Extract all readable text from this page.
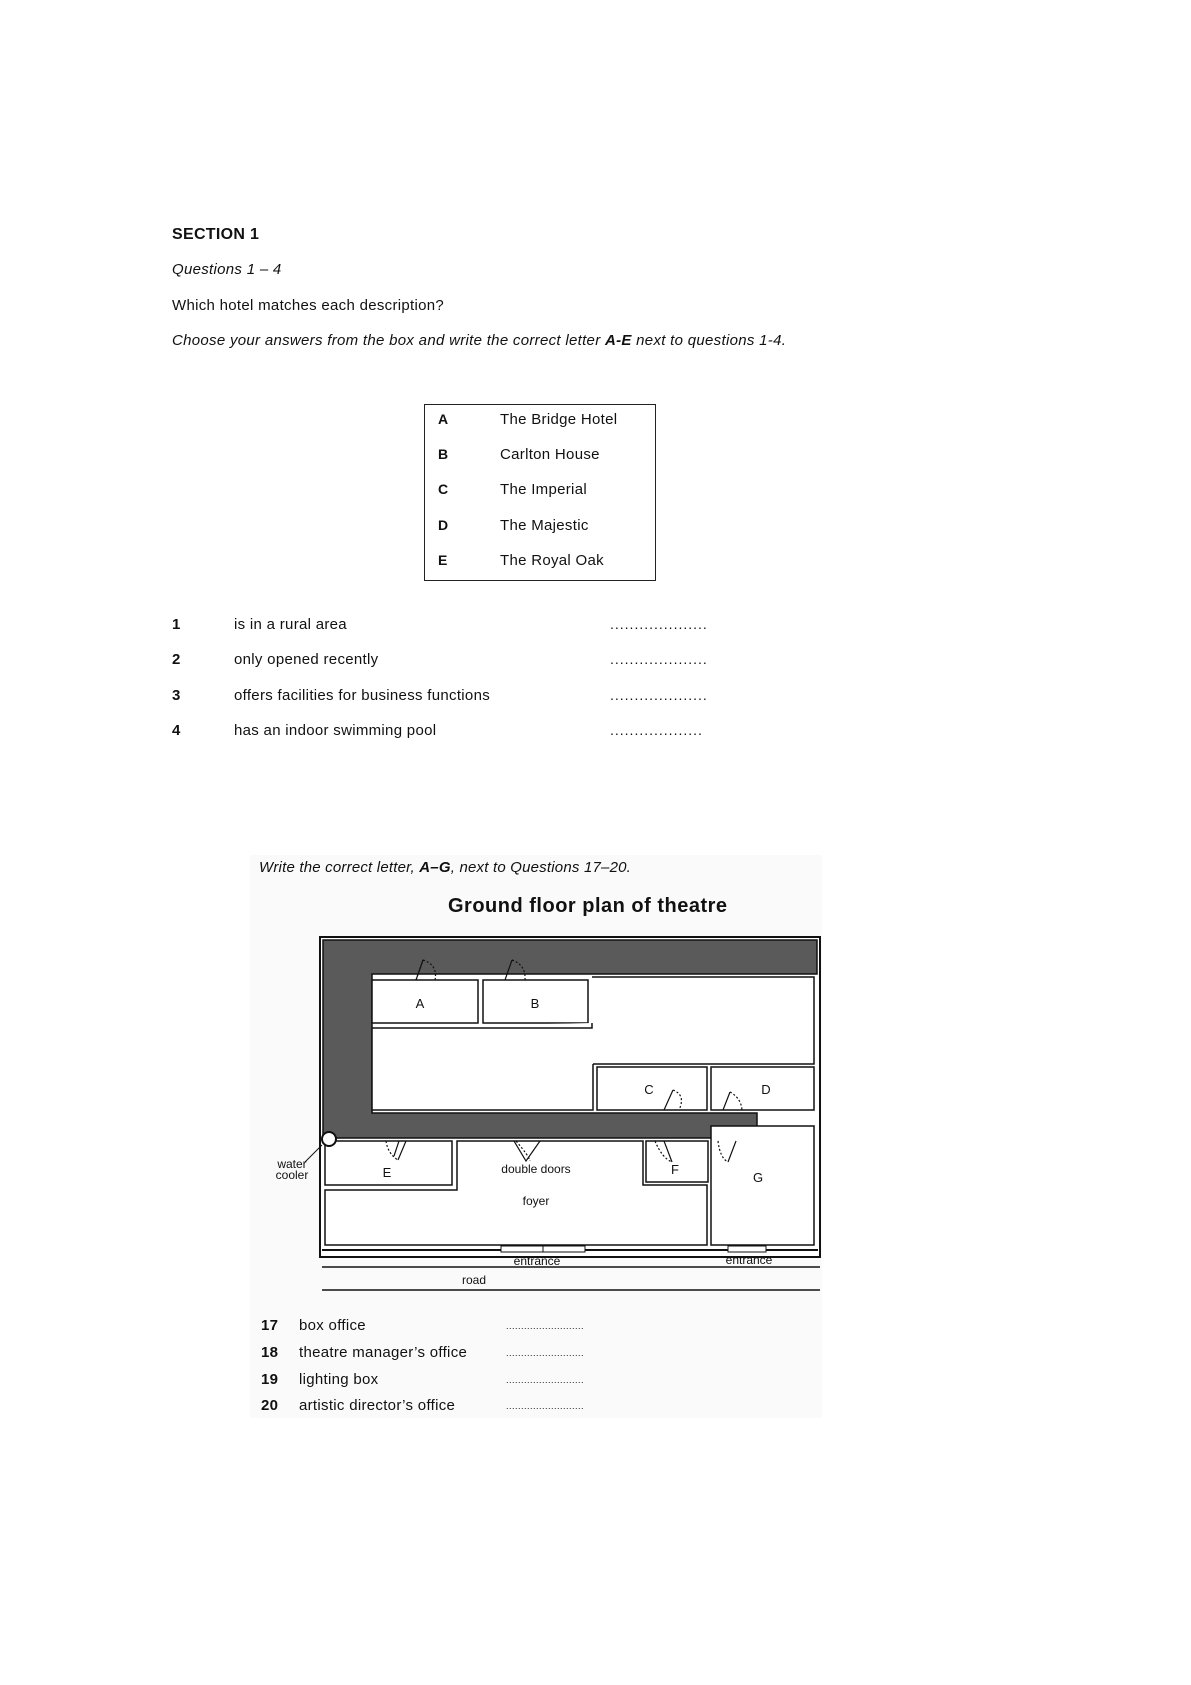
SECTION 1
Questions 1 – 4
Which hotel matches each description?
Choose your answers from the box and write the correct letter A-E next to questions 1-4.
A	The Bridge Hotel
B	Carlton House
C	The Imperial
D	The Majestic
E	The Royal Oak
1	is in a rural area	....................
2	only opened recently	....................
3	offers facilities for business functions	....................
4	has an indoor swimming pool	...................
Write the correct letter, A–G, next to Questions 17–20.
Ground floor plan of theatre
A	B
C	D
E	F
G
double doors
foyer
water
cooler
entrance	entrance
road
17 box office	..........................
18 theatre manager’s office	..........................
19 lighting box	..........................
20 artistic director’s office	..........................
